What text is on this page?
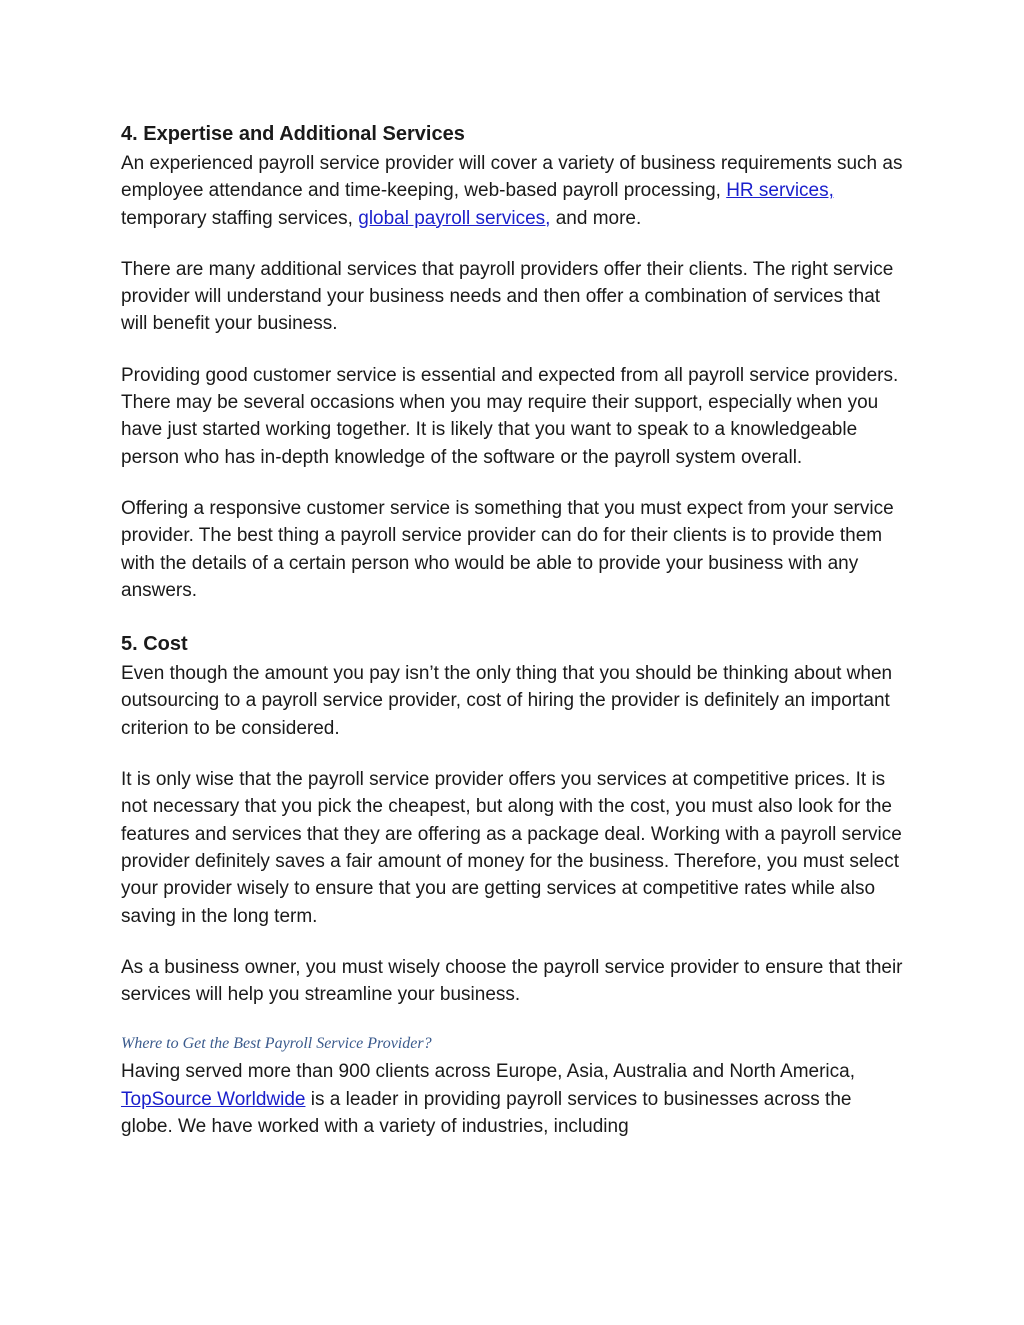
4. Expertise and Additional Services

An experienced payroll service provider will cover a variety of business requirements such as employee attendance and time-keeping, web-based payroll processing, HR services, temporary staffing services, global payroll services, and more.

There are many additional services that payroll providers offer their clients. The right service provider will understand your business needs and then offer a combination of services that will benefit your business.

Providing good customer service is essential and expected from all payroll service providers. There may be several occasions when you may require their support, especially when you have just started working together. It is likely that you want to speak to a knowledgeable person who has in-depth knowledge of the software or the payroll system overall.

Offering a responsive customer service is something that you must expect from your service provider. The best thing a payroll service provider can do for their clients is to provide them with the details of a certain person who would be able to provide your business with any answers.

5. Cost

Even though the amount you pay isn’t the only thing that you should be thinking about when outsourcing to a payroll service provider, cost of hiring the provider is definitely an important criterion to be considered.

It is only wise that the payroll service provider offers you services at competitive prices. It is not necessary that you pick the cheapest, but along with the cost, you must also look for the features and services that they are offering as a package deal. Working with a payroll service provider definitely saves a fair amount of money for the business. Therefore, you must select your provider wisely to ensure that you are getting services at competitive rates while also saving in the long term.

As a business owner, you must wisely choose the payroll service provider to ensure that their services will help you streamline your business.

Where to Get the Best Payroll Service Provider?

Having served more than 900 clients across Europe, Asia, Australia and North America, TopSource Worldwide is a leader in providing payroll services to businesses across the globe. We have worked with a variety of industries, including
